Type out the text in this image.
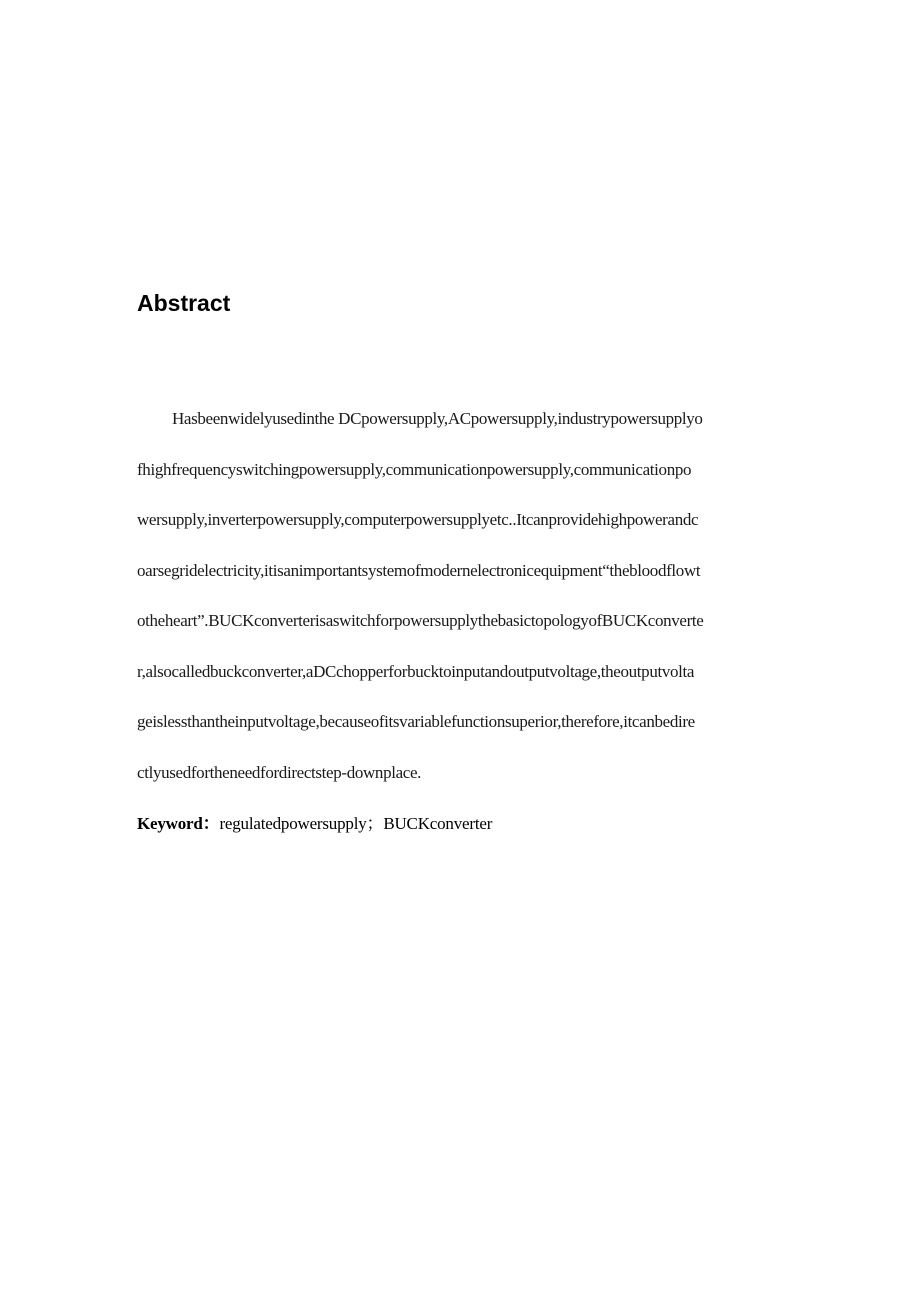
Abstract
Hasbeenwidelyusedinthe DCpowersupply,ACpowersupply,industrypowersupplyo
fhighfrequencyswitchingpowersupply,communicationpowersupply,communicationpo
wersupply,inverterpowersupply,computerpowersupplyetc..Itcanprovidehighpowerandc
oarsegridelectricity,itisanimportantsystemofmodernelectronicequipment“thebloodflowt
otheheart”.BUCKconverterisaswitchforpowersupplythebasictopologyofBUCKconverte
r,alsocalledbuckconverter,aDCchopperforbucktoinputandoutputvoltage,theoutputvolta
geislessthantheinputvoltage,becauseofitsvariablefunctionsuperior,therefore,itcanbedire
ctlyusedfortheneedfordirectstep-downplace.
Keyword：regulatedpowersupply；BUCKconverter
